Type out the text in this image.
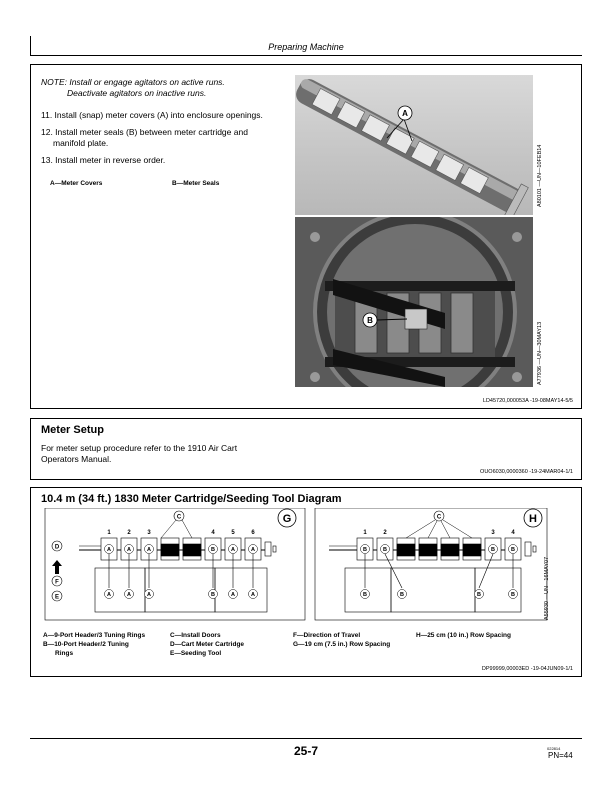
Preparing Machine
NOTE: Install or engage agitators on active runs.
Deactivate agitators on inactive runs.
11. Install (snap) meter covers (A) into enclosure openings.
12. Install meter seals (B) between meter cartridge and
manifold plate.
13. Install meter in reverse order.
A—Meter Covers	B—Meter Seals
A
B
A80101 —UN—10FEB14
A77936 —UN—30MAY13
LD45720,000053A -19-08MAY14-5/5
Meter Setup
For meter setup procedure refer to the 1910 Air Cart
Operators Manual.
OUO6030,0000360 -19-24MAR04-1/1
10.4 m (34 ft.) 1830 Meter Cartridge/Seeding Tool Diagram
D
F
E
1	2	3	4	5	6
C	G
A	A	A	B	A	A
A	A	A	B	A	A
1	2	3	4
C	H
B	B	B	B
B	B	B	B	A55930 —UN—16MAY07
A—9-Port Header/3 Tuning Rings
B—10-Port Header/2 Tuning
Rings
C—Install Doors
D—Cart Meter Cartridge
E—Seeding Tool
F—Direction of Travel
G—19 cm (7.5 in.) Row Spacing
H—25 cm (10 in.) Row Spacing
DP99999,00003ED -19-04JUN09-1/1
25-7	022814
PN=44
